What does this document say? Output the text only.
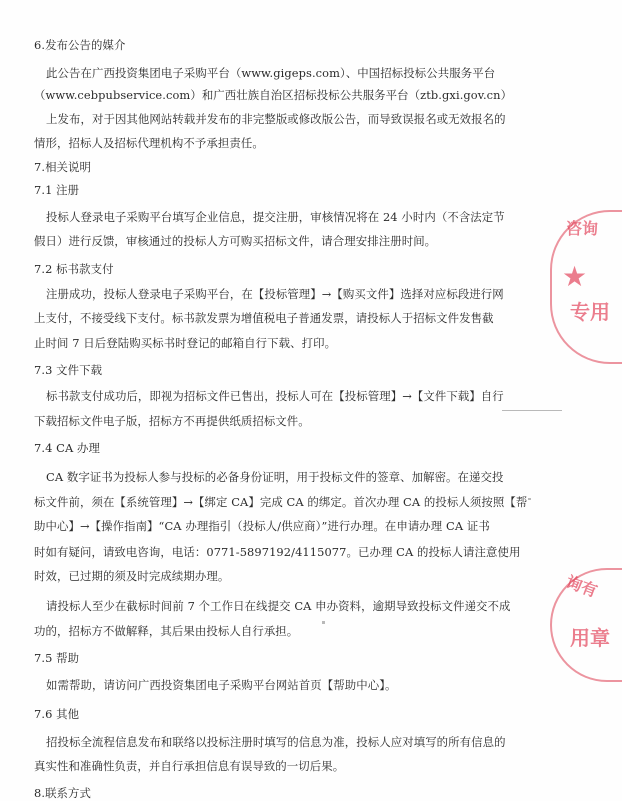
6.发布公告的媒介
此公告在广西投资集团电子采购平台（www.gigeps.com）、中国招标投标公共服务平台
（www.cebpubservice.com）和广西壮族自治区招标投标公共服务平台（ztb.gxi.gov.cn）
上发布，对于因其他网站转载并发布的非完整版或修改版公告，而导致误报名或无效报名的
情形，招标人及招标代理机构不予承担责任。
7.相关说明
7.1 注册
投标人登录电子采购平台填写企业信息，提交注册，审核情况将在 24 小时内（不含法定节
假日）进行反馈，审核通过的投标人方可购买招标文件，请合理安排注册时间。
7.2 标书款支付
注册成功，投标人登录电子采购平台，在【投标管理】→【购买文件】选择对应标段进行网
上支付，不接受线下支付。标书款发票为增值税电子普通发票，请投标人于招标文件发售截
止时间 7 日后登陆购买标书时登记的邮箱自行下载、打印。
7.3 文件下载
标书款支付成功后，即视为招标文件已售出，投标人可在【投标管理】→【文件下载】自行
下载招标文件电子版，招标方不再提供纸质招标文件。
7.4 CA 办理
CA 数字证书为投标人参与投标的必备身份证明，用于投标文件的签章、加解密。在递交投
标文件前，须在【系统管理】→【绑定 CA】完成 CA 的绑定。首次办理 CA 的投标人须按照【帮
助中心】→【操作指南】“CA 办理指引（投标人/供应商）”进行办理。在申请办理 CA 证书
时如有疑问，请致电咨询，电话：0771-5897192/4115077。已办理 CA 的投标人请注意使用
时效，已过期的须及时完成续期办理。
请投标人至少在截标时间前 7 个工作日在线提交 CA 申办资料，逾期导致投标文件递交不成
功的，招标方不做解释，其后果由投标人自行承担。
7.5 帮助
如需帮助，请访问广西投资集团电子采购平台网站首页【帮助中心】。
7.6 其他
招投标全流程信息发布和联络以投标注册时填写的信息为准，投标人应对填写的所有信息的
真实性和准确性负责，并自行承担信息有误导致的一切后果。
8.联系方式
咨询
★
专用
询有
用章
